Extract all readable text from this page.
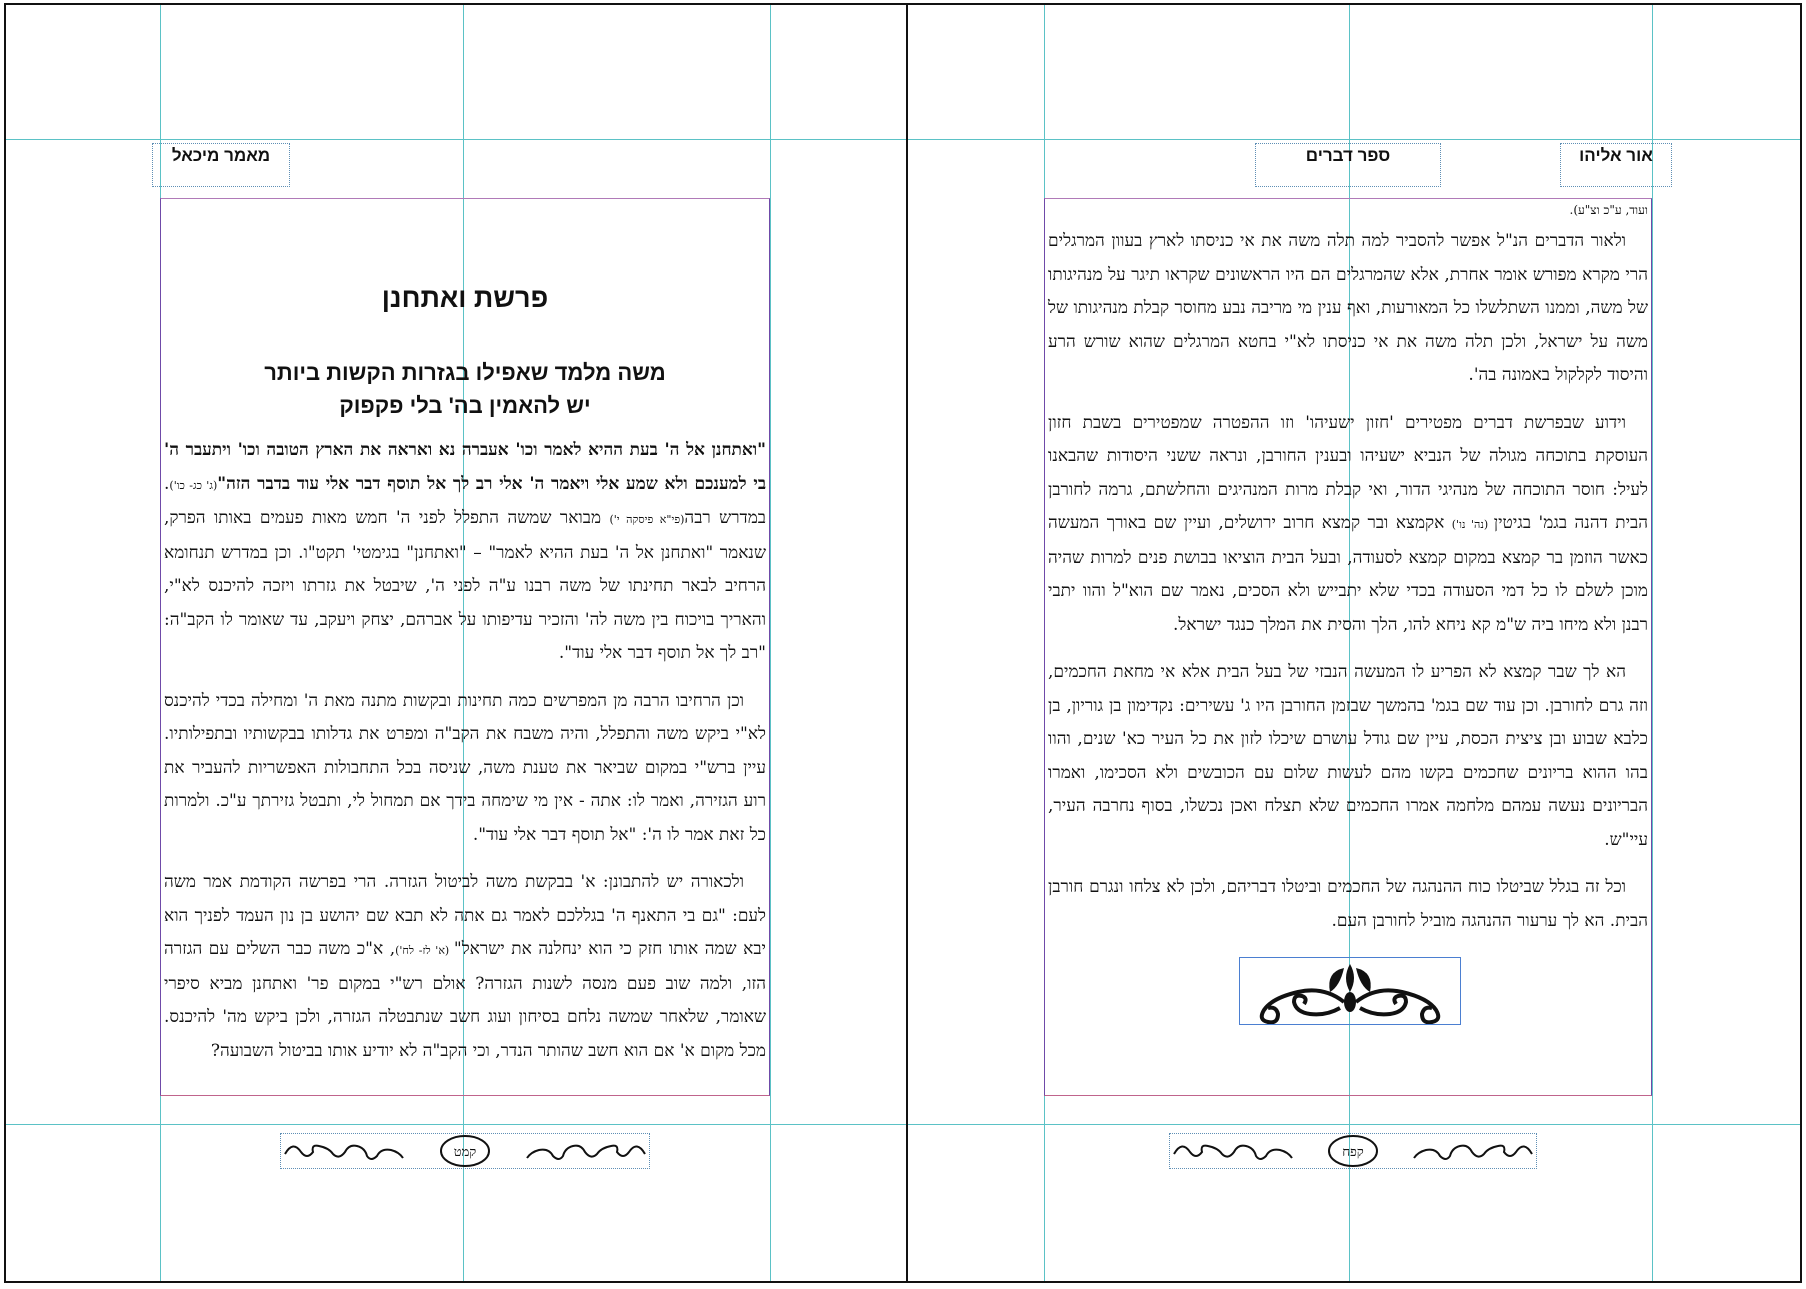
מאמר מיכאל
פרשת ואתחנן

משה מלמד שאפילו בגזרות הקשות ביותר

יש להאמין בה' בלי פקפוק

"ואתחנן אל ה' בעת ההיא לאמר וכו' אעברה נא ואראה את הארץ הטובה וכו' ויתעבר ה' בי למענכם ולא שמע אלי ויאמר ה' אלי רב לך אל תוסף דבר אלי עוד בדבר הזה"(ג' כג- כו'). במדרש רבה(פי"א פיסקה י') מבואר שמשה התפלל לפני ה' חמש מאות פעמים באותו הפרק, שנאמר "ואתחנן אל ה' בעת ההיא לאמר" – "ואתחנן" בגימטי' תקט"ו. וכן במדרש תנחומא הרחיב לבאר תחינתו של משה רבנו ע"ה לפני ה', שיבטל את גזרתו ויזכה להיכנס לא"י, והאריך בויכוח בין משה לה' והזכיר עדיפותו על אברהם, יצחק ויעקב, עד שאומר לו הקב"ה: "רב לך אל תוסף דבר אלי עוד".

וכן הרחיבו הרבה מן המפרשים כמה תחינות ובקשות מתנה מאת ה' ומחילה בכדי להיכנס לא"י ביקש משה והתפלל, והיה משבח את הקב"ה ומפרט את גדלותו בבקשותיו ובתפילותיו. עיין ברש"י במקום שביאר את טענת משה, שניסה בכל התחבולות האפשריות להעביר את רוע הגזירה, ואמר לו: אתה - אין מי שימחה בידך אם תמחול לי, ותבטל גזירתך ע"כ. ולמרות כל זאת אמר לו ה': "אל תוסף דבר אלי עוד".

ולכאורה יש להתבונן: א' בבקשת משה לביטול הגזרה. הרי בפרשה הקודמת אמר משה לעם: "גם בי התאנף ה' בגללכם לאמר גם אתה לא תבא שם יהושע בן נון העמד לפניך הוא יבא שמה אותו חזק כי הוא ינחלנה את ישראל" (א' לז- לח'), א"כ משה כבר השלים עם הגזרה הזו, ולמה שוב פעם מנסה לשנות הגזרה? אולם רש"י במקום פר' ואתחנן מביא סיפרי שאומר, שלאחר שמשה נלחם בסיחון ועוג חשב שנתבטלה הגזרה, ולכן ביקש מה' להיכנס. מכל מקום א' אם הוא חשב שהותר הנדר, וכי הקב"ה לא יודיע אותו בביטול השבועה?

קמט
ספר דברים	אור אליהו

ועוד, ע"כ וצ"ע).

ולאור הדברים הנ"ל אפשר להסביר למה תלה משה את אי כניסתו לארץ בעוון המרגלים הרי מקרא מפורש אומר אחרת, אלא שהמרגלים הם היו הראשונים שקראו תיגר על מנהיגותו של משה, וממנו השתלשלו כל המאורעות, ואף ענין מי מריבה נבע מחוסר קבלת מנהיגותו של משה על ישראל, ולכן תלה משה את אי כניסתו לא"י בחטא המרגלים שהוא שורש הרע והיסוד לקלקול באמונה בה'.

וידוע שבפרשת דברים מפטירים 'חזון ישעיהו' וזו ההפטרה שמפטירים בשבת חזון העוסקת בתוכחה מגולה של הנביא ישעיהו ובענין החורבן, ונראה ששני היסודות שהבאנו לעיל: חוסר התוכחה של מנהיגי הדור, ואי קבלת מרות המנהיגים והחלשתם, גרמה לחורבן הבית דהנה בגמ' בגיטין (נה' נו') אקמצא ובר קמצא חרוב ירושלים, ועיין שם באורך המעשה כאשר הוזמן בר קמצא במקום קמצא לסעודה, ובעל הבית הוציאו בבושת פנים למרות שהיה מוכן לשלם לו כל דמי הסעודה בכדי שלא יתבייש ולא הסכים, נאמר שם הוא"ל והוו יתבי רבנן ולא מיחו ביה ש"מ קא ניחא להו, הלך והסית את המלך כנגד ישראל.

הא לך שבר קמצא לא הפריע לו המעשה הנבזי של בעל הבית אלא אי מחאת החכמים, וזה גרם לחורבן. וכן עוד שם בגמ' בהמשך שבזמן החורבן היו ג' עשירים: נקדימון בן גוריון, בן כלבא שבוע ובן ציצית הכסת, עיין שם גודל עושרם שיכלו לזון את כל העיר כא' שנים, והוו בהו ההוא בריונים שחכמים בקשו מהם לעשות שלום עם הכובשים ולא הסכימו, ואמרו הבריונים נעשה עמהם מלחמה אמרו החכמים שלא תצלח ואכן נכשלו, בסוף נחרבה העיר, עיי"ש.

וכל זה בגלל שביטלו כוח ההנהגה של החכמים וביטלו דבריהם, ולכן לא צלחו ונגרם חורבן הבית. הא לך ערעור ההנהגה מוביל לחורבן העם.

קפח
